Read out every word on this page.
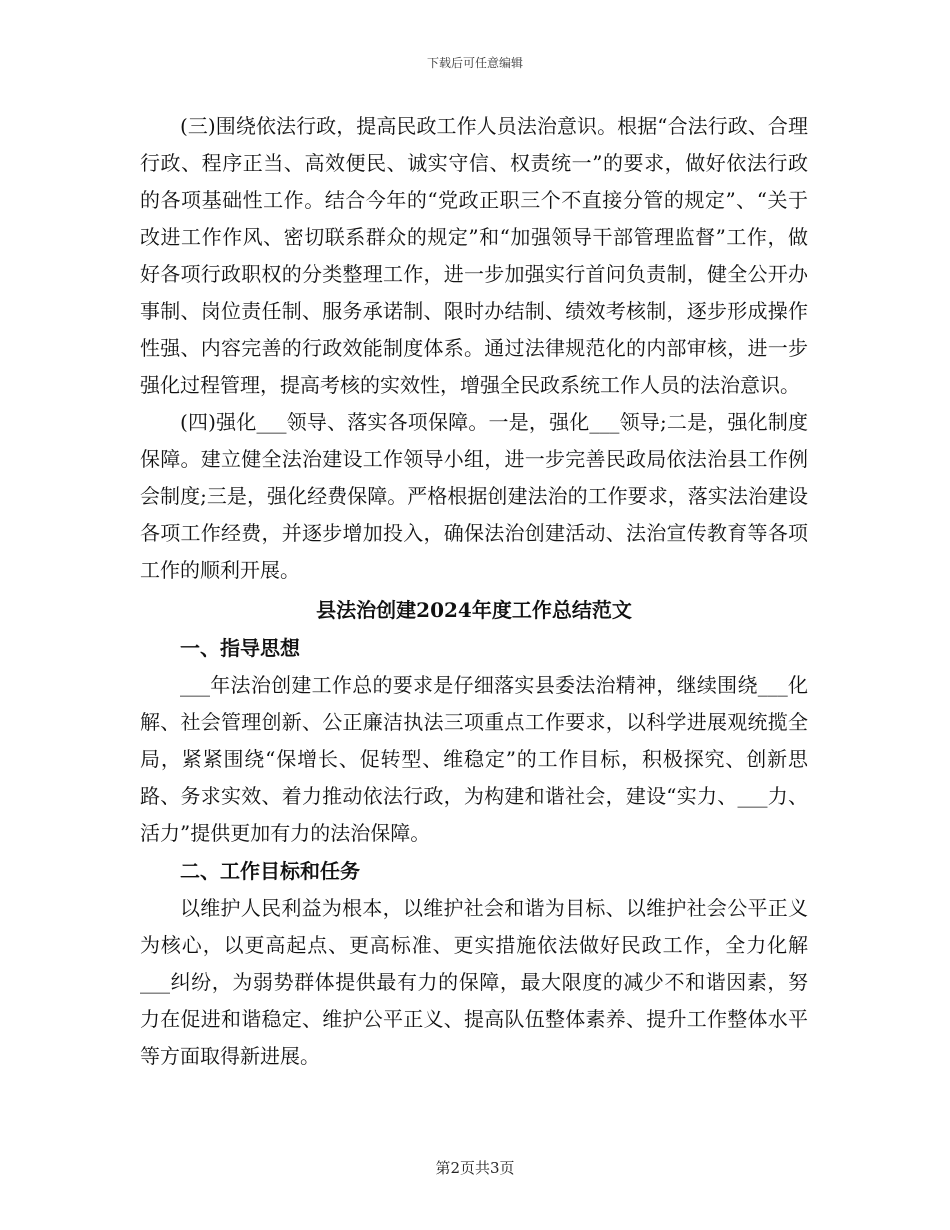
下载后可任意编辑

(三)围绕依法行政，提高民政工作人员法治意识。根据“合法行政、合理行政、程序正当、高效便民、诚实守信、权责统一”的要求，做好依法行政的各项基础性工作。结合今年的“党政正职三个不直接分管的规定”、“关于改进工作作风、密切联系群众的规定”和“加强领导干部管理监督”工作，做好各项行政职权的分类整理工作，进一步加强实行首问负责制，健全公开办事制、岗位责任制、服务承诺制、限时办结制、绩效考核制，逐步形成操作性强、内容完善的行政效能制度体系。通过法律规范化的内部审核，进一步强化过程管理，提高考核的实效性，增强全民政系统工作人员的法治意识。

(四)强化___领导、落实各项保障。一是，强化___领导;二是，强化制度保障。建立健全法治建设工作领导小组，进一步完善民政局依法治县工作例会制度;三是，强化经费保障。严格根据创建法治的工作要求，落实法治建设各项工作经费，并逐步增加投入，确保法治创建活动、法治宣传教育等各项工作的顺利开展。

县法治创建2024年度工作总结范文

一、指导思想

___年法治创建工作总的要求是仔细落实县委法治精神，继续围绕___化解、社会管理创新、公正廉洁执法三项重点工作要求，以科学进展观统揽全局，紧紧围绕“保增长、促转型、维稳定”的工作目标，积极探究、创新思路、务求实效、着力推动依法行政，为构建和谐社会，建设“实力、___力、活力”提供更加有力的法治保障。

二、工作目标和任务

以维护人民利益为根本，以维护社会和谐为目标、以维护社会公平正义为核心，以更高起点、更高标准、更实措施依法做好民政工作，全力化解___纠纷，为弱势群体提供最有力的保障，最大限度的减少不和谐因素，努力在促进和谐稳定、维护公平正义、提高队伍整体素养、提升工作整体水平等方面取得新进展。

第2页共3页
